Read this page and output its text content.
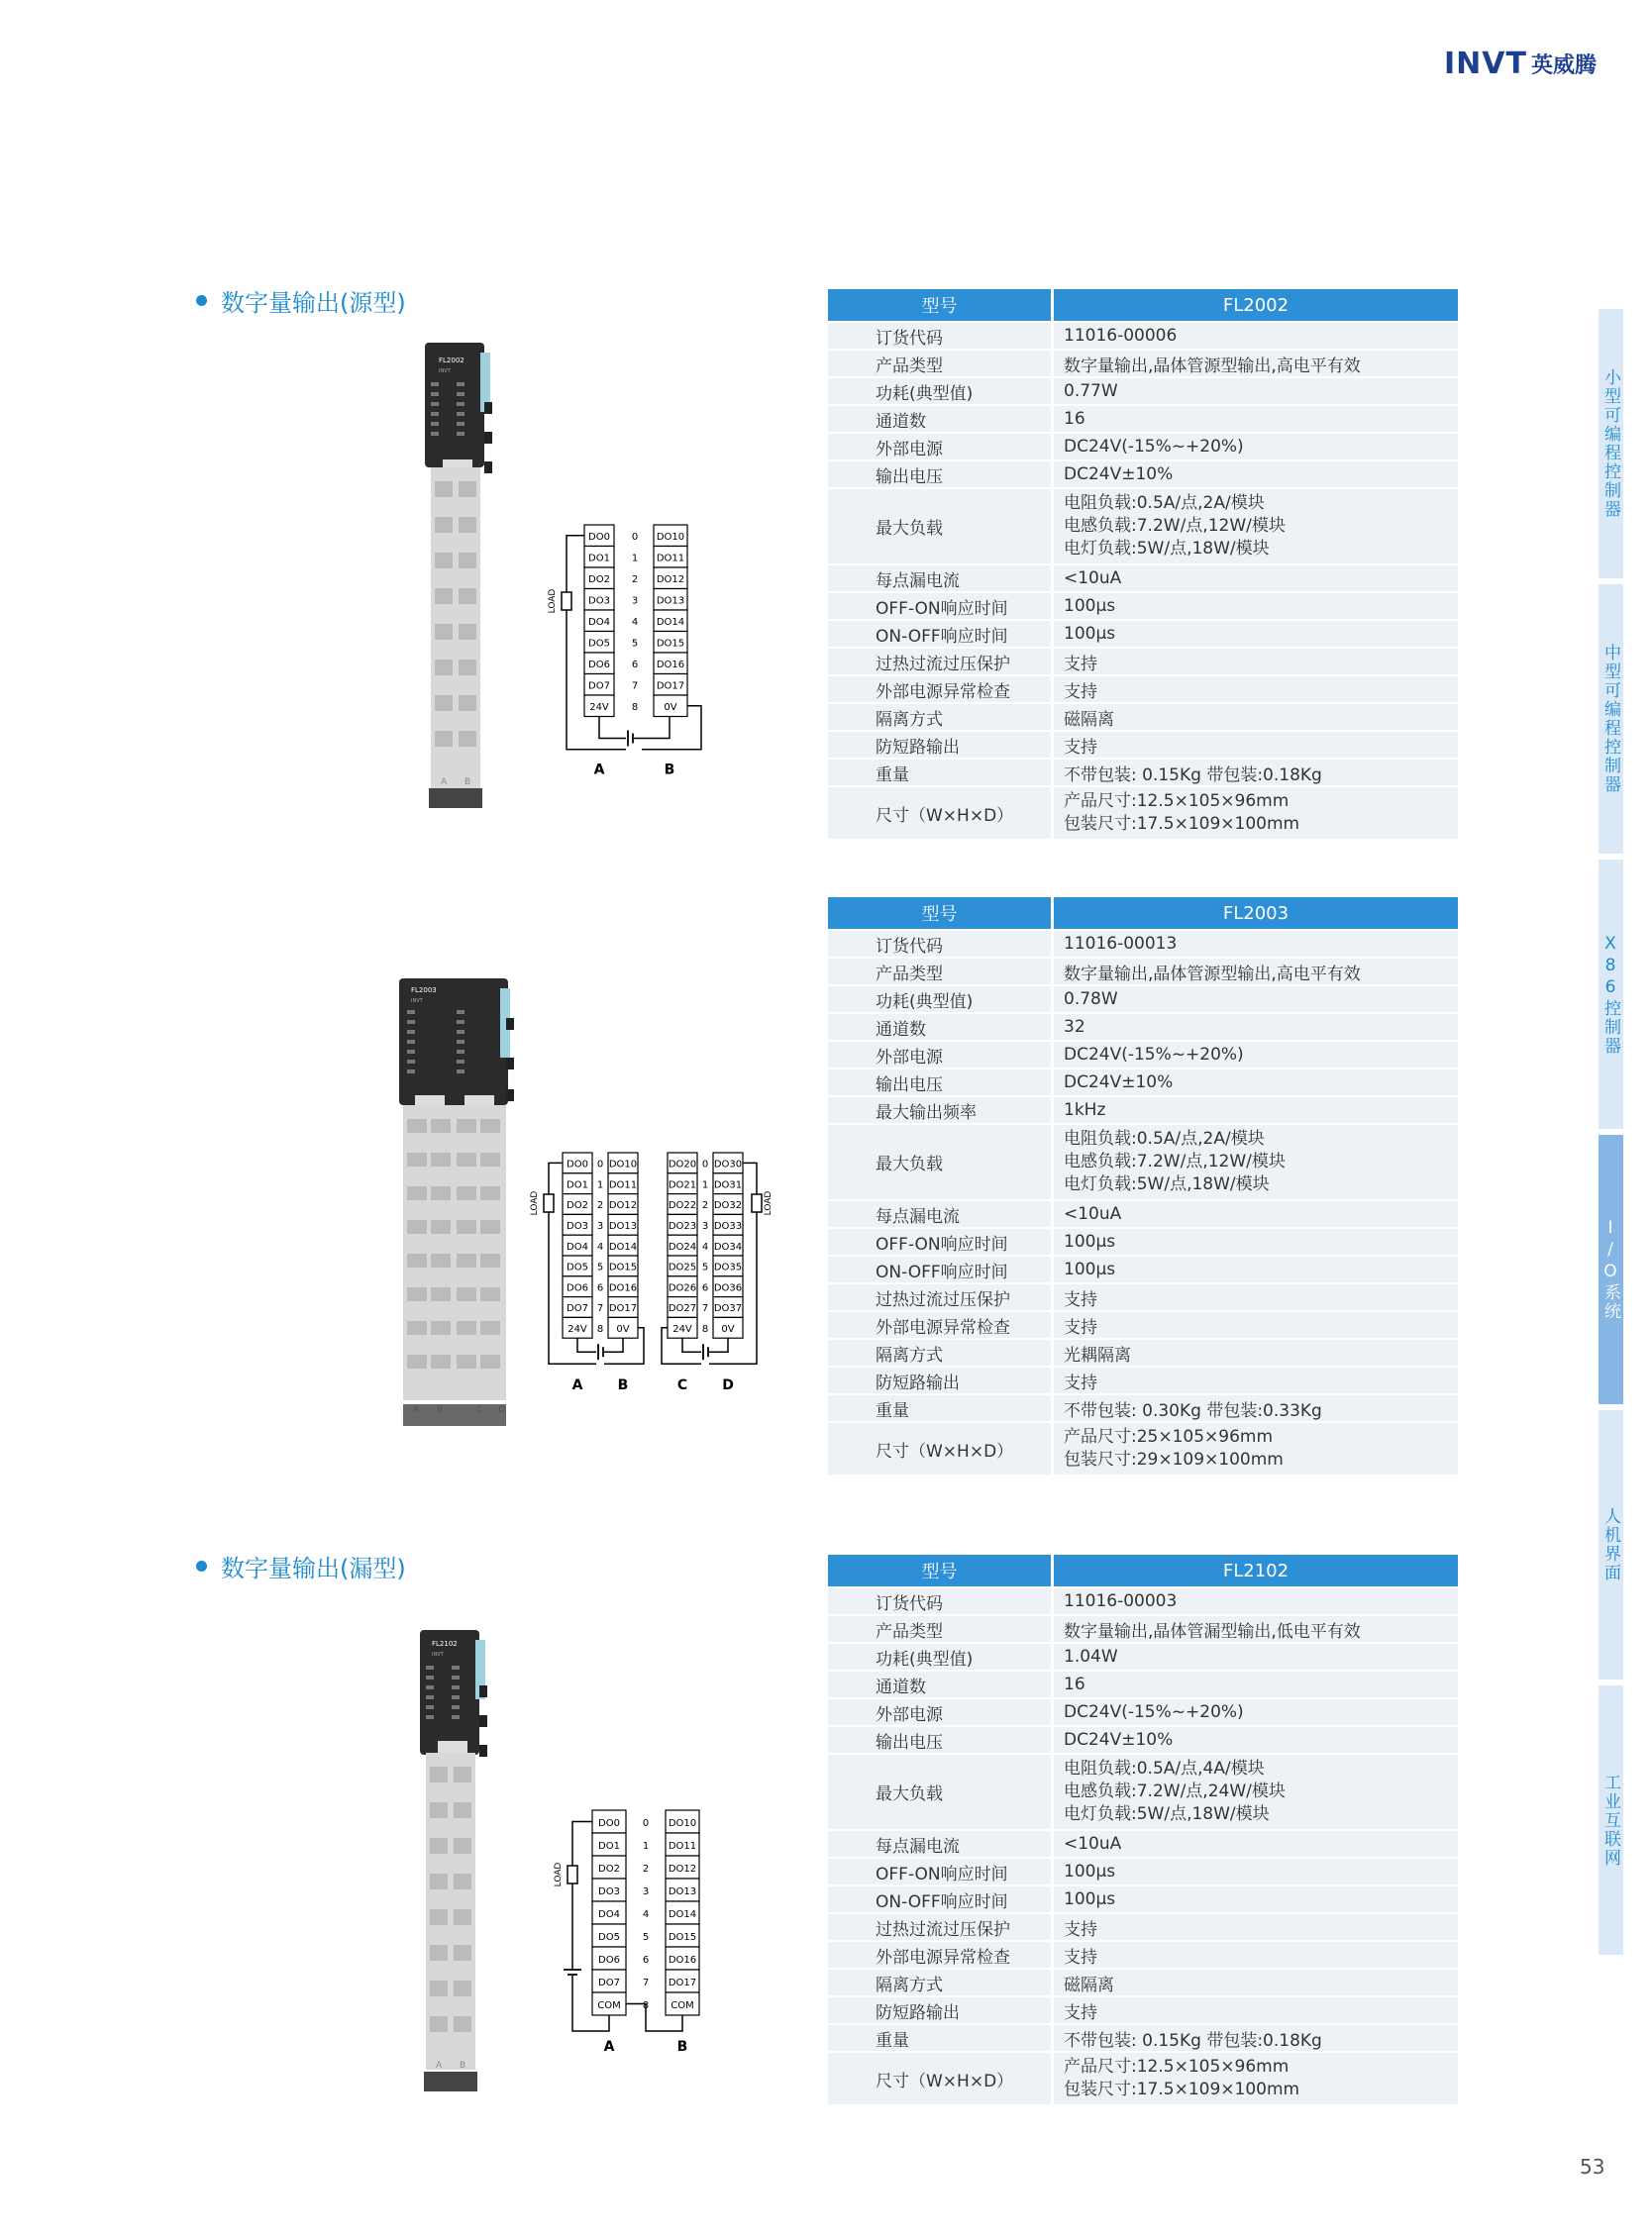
INVT 英威腾
小型可编程控制器
中型可编程控制器
X86控制器
I/O系统
人机界面
工业互联网
数字量输出(源型)
数字量输出(漏型)
FL2002
INVT
A B
FL2003
INVT
FL2102
INVT
A B
DO0
DO1
DO2
DO3
DO4
DO5
DO6
DO7
24V
0
1
2
3
4
5
6
7
8
DO10
DO11
DO12
DO13
DO14
DO15
DO16
DO17
0V
LOAD
A	B
DO0
DO1
DO2
DO3
DO4
DO5
DO6
DO7
24V
0
1
2
3
4
5
6
7
8
DO10
DO11
DO12
DO13
DO14
DO15
DO16
DO17
0V
DO20
DO21
DO22
DO23
DO24
DO25
DO26
DO27
24V
0
1
2
3
4
5
6
7
8
DO30
DO31
DO32
DO33
DO34
DO35
DO36
DO37
0V
LOAD	LOAD
A	B	C	D
DO0
DO1
DO2
DO3
DO4
DO5
DO6
DO7
COM
0
1
2
3
4
5
6
7
8
DO10
DO11
DO12
DO13
DO14
DO15
DO16
DO17
COM
LOAD
A	B
型号	FL2002
订货代码	11016-00006

产品类型	数字量输出,晶体管源型输出,高电平有效

功耗(典型值)	0.77W

通道数	16

外部电源	DC24V(-15%~+20%)

输出电压	DC24V±10%

最大负载	电阻负载:0.5A/点,2A/模块
电感负载:7.2W/点,12W/模块
电灯负载:5W/点,18W/模块

每点漏电流	<10uA

OFF-ON响应时间	100μs

ON-OFF响应时间	100μs

过热过流过压保护	支持

外部电源异常检查	支持

隔离方式	磁隔离

防短路输出	支持

重量	不带包装: 0.15Kg 带包装:0.18Kg

尺寸（W×H×D）	产品尺寸:12.5×105×96mm
包装尺寸:17.5×109×100mm
型号	FL2003
订货代码	11016-00013

产品类型	数字量输出,晶体管源型输出,高电平有效

功耗(典型值)	0.78W

通道数	32

外部电源	DC24V(-15%~+20%)

输出电压	DC24V±10%

最大输出频率	1kHz

最大负载	电阻负载:0.5A/点,2A/模块
电感负载:7.2W/点,12W/模块
电灯负载:5W/点,18W/模块

每点漏电流	<10uA

OFF-ON响应时间	100μs

ON-OFF响应时间	100μs

过热过流过压保护	支持

外部电源异常检查	支持

隔离方式	光耦隔离

防短路输出	支持

重量	不带包装: 0.30Kg 带包装:0.33Kg

尺寸（W×H×D）	产品尺寸:25×105×96mm
包装尺寸:29×109×100mm
型号	FL2102
订货代码	11016-00003

产品类型	数字量输出,晶体管漏型输出,低电平有效

功耗(典型值)	1.04W

通道数	16

外部电源	DC24V(-15%~+20%)

输出电压	DC24V±10%

最大负载	电阻负载:0.5A/点,4A/模块
电感负载:7.2W/点,24W/模块
电灯负载:5W/点,18W/模块

每点漏电流	<10uA

OFF-ON响应时间	100μs

ON-OFF响应时间	100μs

过热过流过压保护	支持

外部电源异常检查	支持

隔离方式	磁隔离

防短路输出	支持

重量	不带包装: 0.15Kg 带包装:0.18Kg

尺寸（W×H×D）	产品尺寸:12.5×105×96mm
包装尺寸:17.5×109×100mm
53
